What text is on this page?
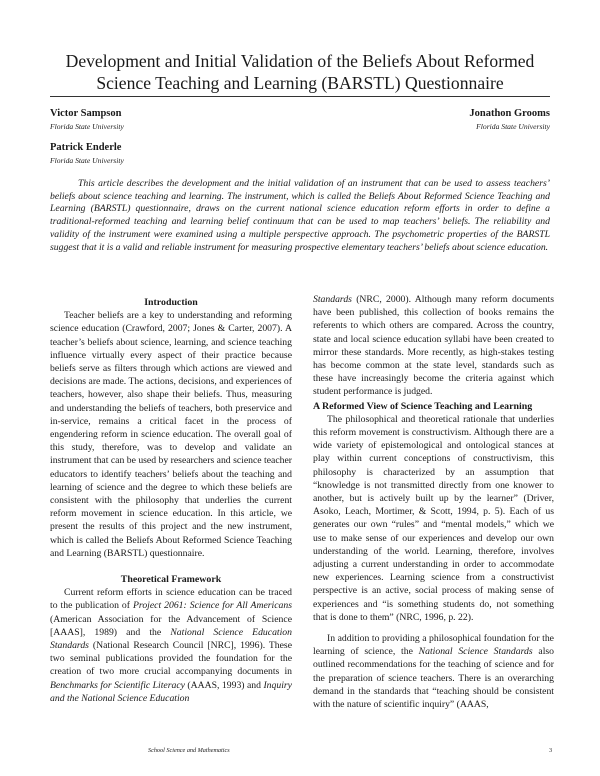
Development and Initial Validation of the Beliefs About Reformed
Science Teaching and Learning (BARSTL) Questionnaire
Victor Sampson
Florida State University
Jonathon Grooms
Florida State University
Patrick Enderle
Florida State University

This article describes the development and the initial validation of an instrument that can be used to assess teachers’ beliefs about science teaching and learning. The instrument, which is called the Beliefs About Reformed Science Teaching and Learning (BARSTL) questionnaire, draws on the current national science education reform efforts in order to define a traditional-reformed teaching and learning belief continuum that can be used to map teachers’ beliefs. The reliability and validity of the instrument were examined using a multiple perspective approach. The psychometric properties of the BARSTL suggest that it is a valid and reliable instrument for measuring prospective elementary teachers’ beliefs about science education.

Introduction

Teacher beliefs are a key to understanding and reforming science education (Crawford, 2007; Jones & Carter, 2007). A teacher’s beliefs about science, learning, and science teaching influence virtually every aspect of their practice because beliefs serve as filters through which actions are viewed and decisions are made. The actions, decisions, and experiences of teachers, however, also shape their beliefs. Thus, measuring and understanding the beliefs of teachers, both preservice and in-service, remains a critical facet in the process of engendering reform in science education. The overall goal of this study, therefore, was to develop and validate an instrument that can be used by researchers and science teacher educators to identify teachers’ beliefs about the teaching and learning of science and the degree to which these beliefs are consistent with the philosophy that underlies the current reform movement in science education. In this article, we present the results of this project and the new instrument, which is called the Beliefs About Reformed Science Teaching and Learning (BARSTL) questionnaire.

Theoretical Framework

Current reform efforts in science education can be traced to the publication of Project 2061: Science for All Americans (American Association for the Advancement of Science [AAAS], 1989) and the National Science Education Standards (National Research Council [NRC], 1996). These two seminal publications provided the foundation for the creation of two more crucial accompanying documents in Benchmarks for Scientific Literacy (AAAS, 1993) and Inquiry and the National Science Education

Standards (NRC, 2000). Although many reform documents have been published, this collection of books remains the referents to which others are compared. Across the country, state and local science education syllabi have been created to mirror these standards. More recently, as high-stakes testing has become common at the state level, standards such as these have increasingly become the criteria against which student performance is judged.

A Reformed View of Science Teaching and Learning

The philosophical and theoretical rationale that underlies this reform movement is constructivism. Although there are a wide variety of epistemological and ontological stances at play within current conceptions of constructivism, this philosophy is characterized by an assumption that “knowledge is not transmitted directly from one knower to another, but is actively built up by the learner” (Driver, Asoko, Leach, Mortimer, & Scott, 1994, p. 5). Each of us generates our own “rules” and “mental models,” which we use to make sense of our experiences and develop our own understanding of the world. Learning, therefore, involves adjusting a current understanding in order to accommodate new experiences. Learning science from a constructivist perspective is an active, social process of making sense of experiences and “is something students do, not something that is done to them” (NRC, 1996, p. 22).

In addition to providing a philosophical foundation for the learning of science, the National Science Standards also outlined recommendations for the teaching of science and for the preparation of science teachers. There is an overarching demand in the standards that “teaching should be consistent with the nature of scientific inquiry” (AAAS,

School Science and Mathematics	3
